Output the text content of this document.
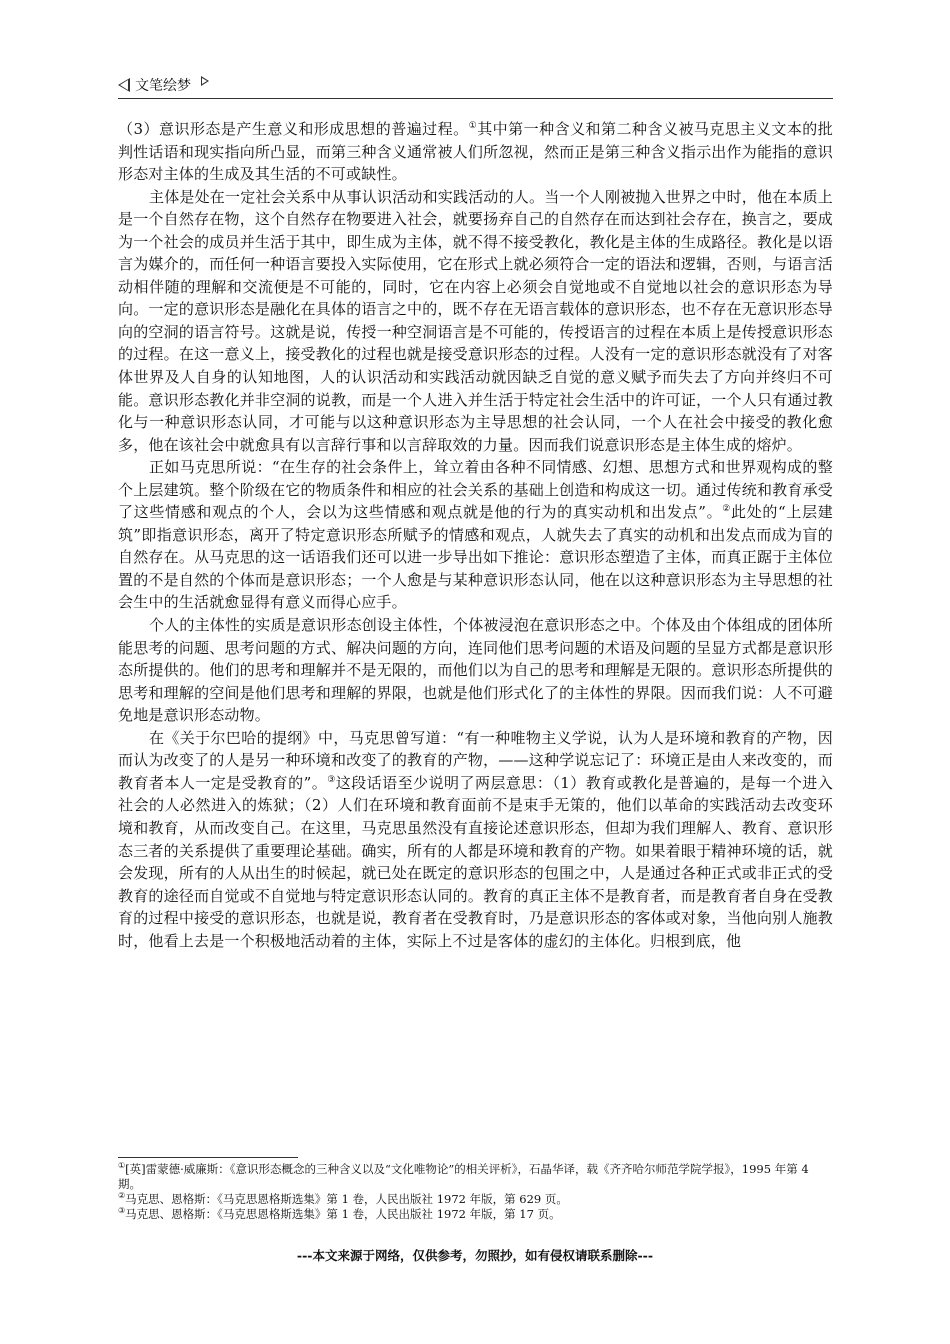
文笔绘梦

（3）意识形态是产生意义和形成思想的普遍过程。①其中第一种含义和第二种含义被马克思主义文本的批判性话语和现实指向所凸显，而第三种含义通常被人们所忽视，然而正是第三种含义指示出作为能指的意识形态对主体的生成及其生活的不可或缺性。

主体是处在一定社会关系中从事认识活动和实践活动的人。当一个人刚被抛入世界之中时，他在本质上是一个自然存在物，这个自然存在物要进入社会，就要扬弃自己的自然存在而达到社会存在，换言之，要成为一个社会的成员并生活于其中，即生成为主体，就不得不接受教化，教化是主体的生成路径。教化是以语言为媒介的，而任何一种语言要投入实际使用，它在形式上就必须符合一定的语法和逻辑，否则，与语言活动相伴随的理解和交流便是不可能的，同时，它在内容上必须会自觉地或不自觉地以社会的意识形态为导向。一定的意识形态是融化在具体的语言之中的，既不存在无语言载体的意识形态，也不存在无意识形态导向的空洞的语言符号。这就是说，传授一种空洞语言是不可能的，传授语言的过程在本质上是传授意识形态的过程。在这一意义上，接受教化的过程也就是接受意识形态的过程。人没有一定的意识形态就没有了对客体世界及人自身的认知地图，人的认识活动和实践活动就因缺乏自觉的意义赋予而失去了方向并终归不可能。意识形态教化并非空洞的说教，而是一个人进入并生活于特定社会生活中的许可证，一个人只有通过教化与一种意识形态认同，才可能与以这种意识形态为主导思想的社会认同，一个人在社会中接受的教化愈多，他在该社会中就愈具有以言辞行事和以言辞取效的力量。因而我们说意识形态是主体生成的熔炉。

正如马克思所说：“在生存的社会条件上，耸立着由各种不同情感、幻想、思想方式和世界观构成的整个上层建筑。整个阶级在它的物质条件和相应的社会关系的基础上创造和构成这一切。通过传统和教育承受了这些情感和观点的个人，会以为这些情感和观点就是他的行为的真实动机和出发点”。②此处的“上层建筑”即指意识形态，离开了特定意识形态所赋予的情感和观点，人就失去了真实的动机和出发点而成为盲的自然存在。从马克思的这一话语我们还可以进一步导出如下推论：意识形态塑造了主体，而真正踞于主体位置的不是自然的个体而是意识形态；一个人愈是与某种意识形态认同，他在以这种意识形态为主导思想的社会生中的生活就愈显得有意义而得心应手。

个人的主体性的实质是意识形态创设主体性，个体被浸泡在意识形态之中。个体及由个体组成的团体所能思考的问题、思考问题的方式、解决问题的方向，连同他们思考问题的术语及问题的呈显方式都是意识形态所提供的。他们的思考和理解并不是无限的，而他们以为自己的思考和理解是无限的。意识形态所提供的思考和理解的空间是他们思考和理解的界限，也就是他们形式化了的主体性的界限。因而我们说：人不可避免地是意识形态动物。

在《关于尔巴哈的提纲》中，马克思曾写道：“有一种唯物主义学说，认为人是环境和教育的产物，因而认为改变了的人是另一种环境和改变了的教育的产物，——这种学说忘记了：环境正是由人来改变的，而教育者本人一定是受教育的”。③这段话语至少说明了两层意思：（1）教育或教化是普遍的，是每一个进入社会的人必然进入的炼狱；（2）人们在环境和教育面前不是束手无策的，他们以革命的实践活动去改变环境和教育，从而改变自己。在这里，马克思虽然没有直接论述意识形态，但却为我们理解人、教育、意识形态三者的关系提供了重要理论基础。确实，所有的人都是环境和教育的产物。如果着眼于精神环境的话，就会发现，所有的人从出生的时候起，就已处在既定的意识形态的包围之中，人是通过各种正式或非正式的受教育的途径而自觉或不自觉地与特定意识形态认同的。教育的真正主体不是教育者，而是教育者自身在受教育的过程中接受的意识形态，也就是说，教育者在受教育时，乃是意识形态的客体或对象，当他向别人施教时，他看上去是一个积极地活动着的主体，实际上不过是客体的虚幻的主体化。归根到底，他

①[英]雷蒙德·威廉斯：《意识形态概念的三种含义以及“文化唯物论”的相关评析》，石晶华译，载《齐齐哈尔师范学院学报》，1995 年第 4 期。

②马克思、恩格斯：《马克思恩格斯选集》第 1 卷，人民出版社 1972 年版，第 629 页。

③马克思、恩格斯：《马克思恩格斯选集》第 1 卷，人民出版社 1972 年版，第 17 页。

---本文来源于网络，仅供参考，勿照抄，如有侵权请联系删除---
